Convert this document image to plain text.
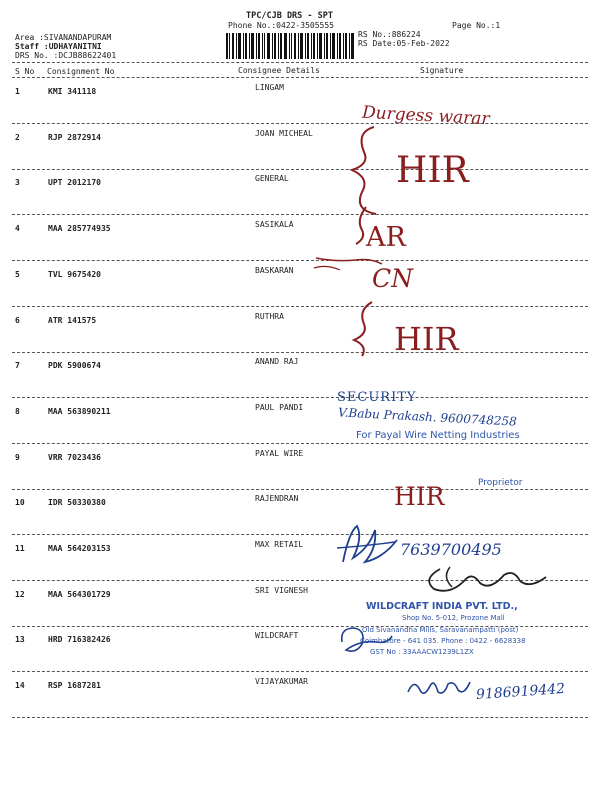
TPC/CJB DRS - SPT
Phone No.:0422-3505555	Page No.:1
Area :SIVANANDAPURAM
Staff :UDHAYANITNI
DRS No. :DCJB88622401
RS No.:886224
RS Date:05-Feb-2022
S No Consignment No	Consignee Details	Signature
1	KMI 341118	LINGAM
2	RJP 2872914	JOAN MICHEAL
3	UPT 2012170	GENERAL
4	MAA 285774935	SASIKALA
5	TVL 9675420	BASKARAN
6	ATR 141575	RUTHRA
7	PDK 5900674	ANAND RAJ
8	MAA 563890211	PAUL PANDI
9	VRR 7023436	PAYAL WIRE
10	IDR 50330380	RAJENDRAN
11	MAA 564203153	MAX RETAIL
12	MAA 564301729	SRI VIGNESH
13	HRD 716382426	WILDCRAFT
14	RSP 1687281	VIJAYAKUMAR
Durgess warar
HIR
AR
CN
HIR
HIR
SECURITY
V.Babu Prakash. 9600748258
7639700495
9186919442
For Payal Wire Netting Industries
Proprietor
WILDCRAFT INDIA PVT. LTD.,
Shop No. 5-012, Prozone Mall
Old Sivanandha Mills, Saravanampatti (post)
Coimbatore - 641 035. Phone : 0422 - 6628338
GST No : 33AAACW1239L1ZX
